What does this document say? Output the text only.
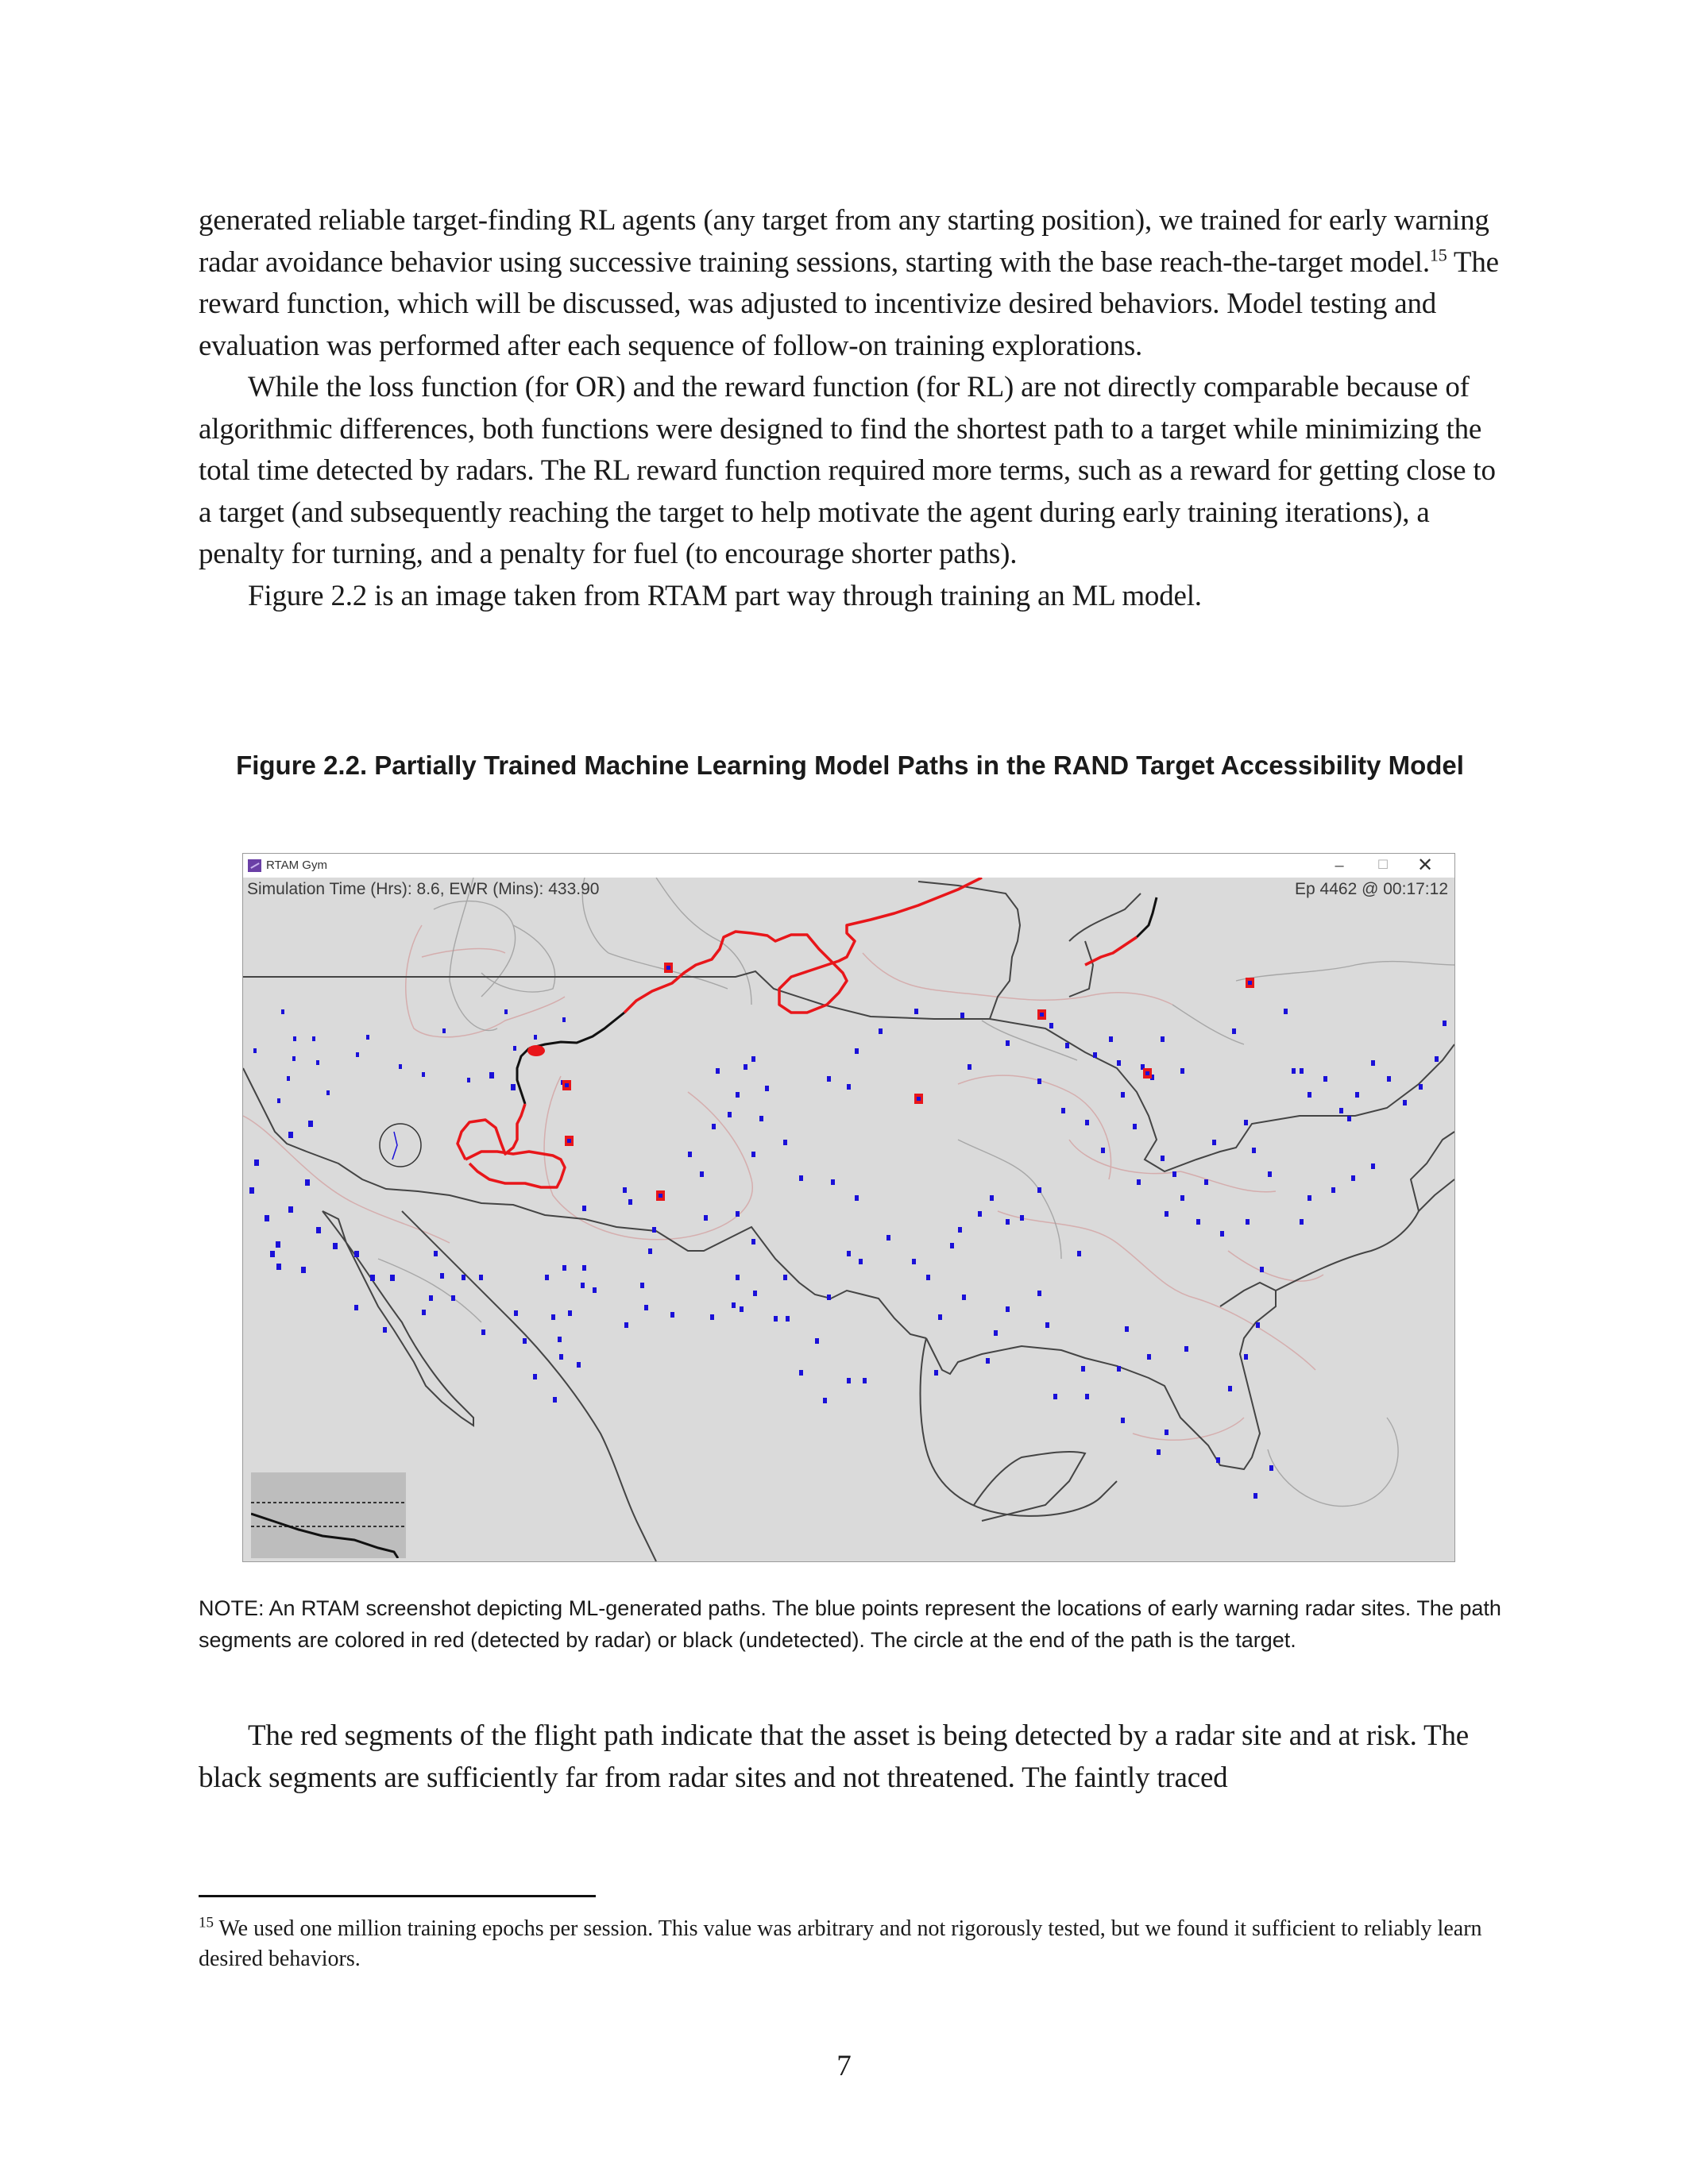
generated reliable target-finding RL agents (any target from any starting position), we trained for early warning radar avoidance behavior using successive training sessions, starting with the base reach-the-target model.$^{15}$ The reward function, which will be discussed, was adjusted to incentivize desired behaviors. Model testing and evaluation was performed after each sequence of follow-on training explorations.

While the loss function (for OR) and the reward function (for RL) are not directly comparable because of algorithmic differences, both functions were designed to find the shortest path to a target while minimizing the total time detected by radars. The RL reward function required more terms, such as a reward for getting close to a target (and subsequently reaching the target to help motivate the agent during early training iterations), a penalty for turning, and a penalty for fuel (to encourage shorter paths).

Figure 2.2 is an image taken from RTAM part way through training an ML model.

Figure 2.2. Partially Trained Machine Learning Model Paths in the RAND Target Accessibility Model
RTAM Gym	–	☐	✕
Simulation Time (Hrs): 8.6, EWR (Mins): 433.90	Ep 4462 @ 00:17:12
NOTE: An RTAM screenshot depicting ML-generated paths. The blue points represent the locations of early warning radar sites. The path segments are colored in red (detected by radar) or black (undetected). The circle at the end of the path is the target.

The red segments of the flight path indicate that the asset is being detected by a radar site and at risk. The black segments are sufficiently far from radar sites and not threatened. The faintly traced

$^{15}$ We used one million training epochs per session. This value was arbitrary and not rigorously tested, but we found it sufficient to reliably learn desired behaviors.
7
